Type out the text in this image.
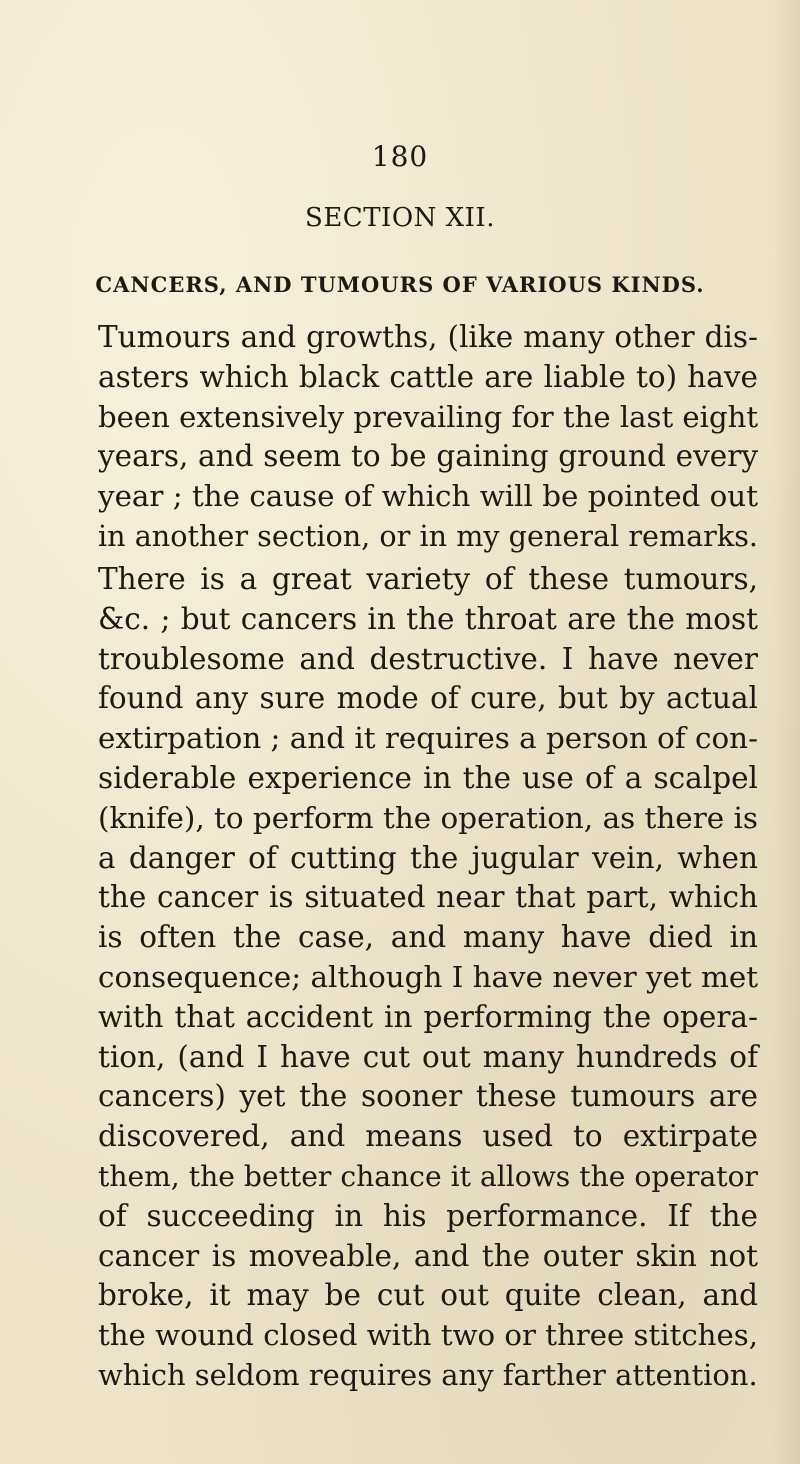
180
SECTION XII.
CANCERS, AND TUMOURS OF VARIOUS KINDS.
Tumours and growths, (like many other dis-
asters which black cattle are liable to) have
been extensively prevailing for the last eight
years, and seem to be gaining ground every
year ; the cause of which will be pointed out
in another section, or in my general remarks.
There is a great variety of these tumours,
&c. ; but cancers in the throat are the most
troublesome and destructive. I have never
found any sure mode of cure, but by actual
extirpation ; and it requires a person of con-
siderable experience in the use of a scalpel
(knife), to perform the operation, as there is
a danger of cutting the jugular vein, when
the cancer is situated near that part, which
is often the case, and many have died in
consequence; although I have never yet met
with that accident in performing the opera-
tion, (and I have cut out many hundreds of
cancers) yet the sooner these tumours are
discovered, and means used to extirpate
them, the better chance it allows the operator
of succeeding in his performance. If the
cancer is moveable, and the outer skin not
broke, it may be cut out quite clean, and
the wound closed with two or three stitches,
which seldom requires any farther attention.
